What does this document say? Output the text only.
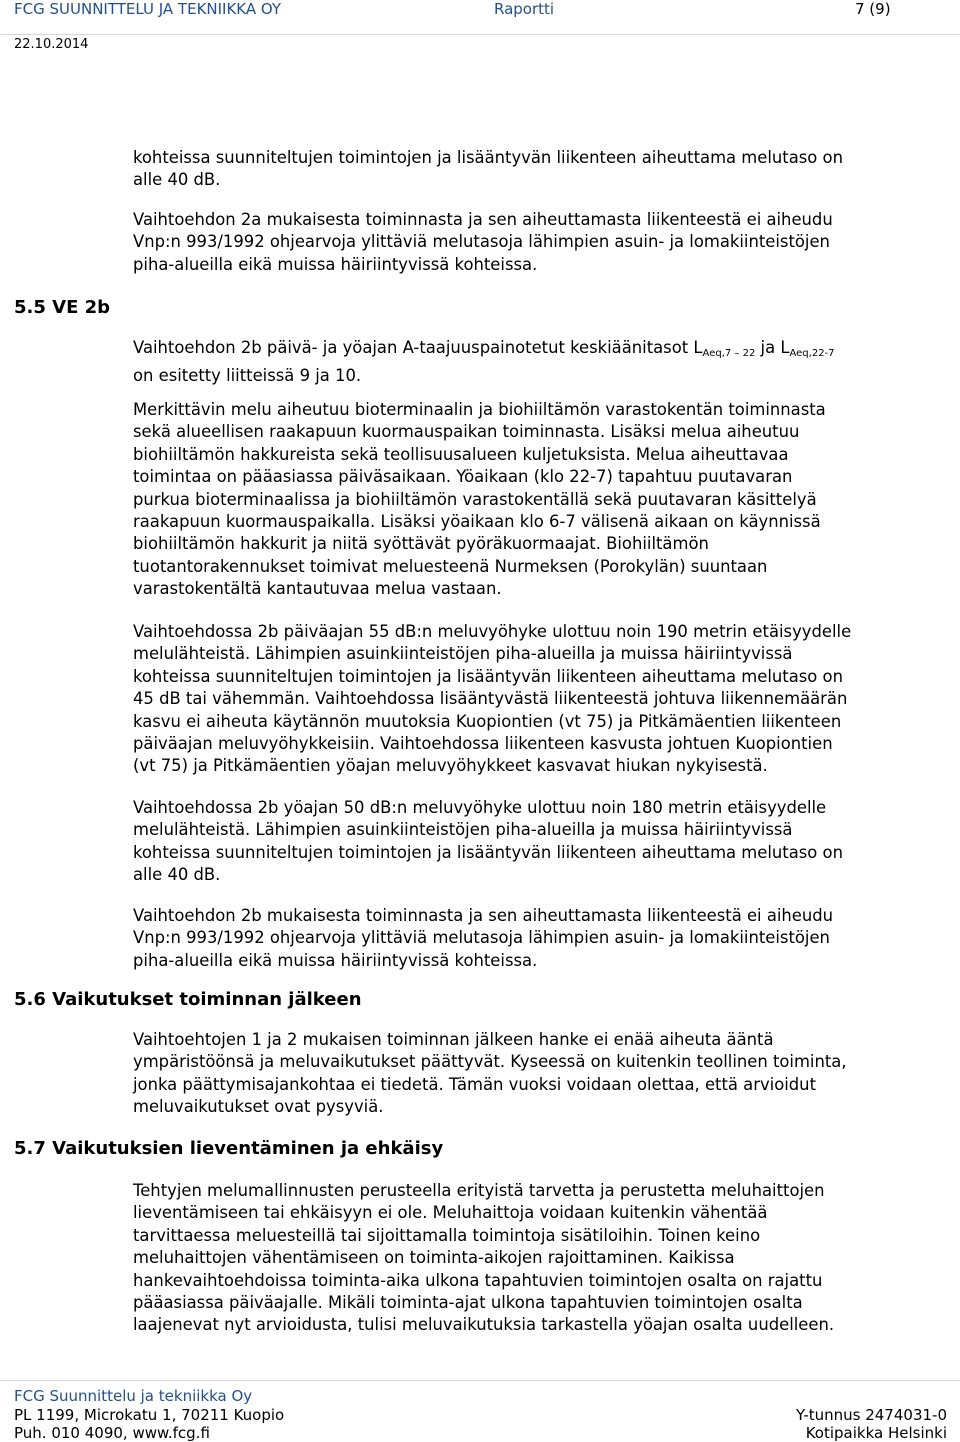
FCG SUUNNITTELU JA TEKNIIKKA OY	Raportti	7 (9)
22.10.2014

kohteissa suunniteltujen toimintojen ja lisääntyvän liikenteen aiheuttama melutaso on
alle 40 dB.

Vaihtoehdon 2a mukaisesta toiminnasta ja sen aiheuttamasta liikenteestä ei aiheudu
Vnp:n 993/1992 ohjearvoja ylittäviä melutasoja lähimpien asuin- ja lomakiinteistöjen
piha-alueilla eikä muissa häiriintyvissä kohteissa.

5.5 VE 2b

Vaihtoehdon 2b päivä- ja yöajan A-taajuuspainotetut keskiäänitasot $L_{Aeq,7 - 22}$ ja $L_{Aeq,22-7}$
on esitetty liitteissä 9 ja 10.

Merkittävin melu aiheutuu bioterminaalin ja biohiiltämön varastokentän toiminnasta
sekä alueellisen raakapuun kuormauspaikan toiminnasta. Lisäksi melua aiheutuu
biohiiltämön hakkureista sekä teollisuusalueen kuljetuksista. Melua aiheuttavaa
toimintaa on pääasiassa päiväsaikaan. Yöaikaan (klo 22-7) tapahtuu puutavaran
purkua bioterminaalissa ja biohiiltämön varastokentällä sekä puutavaran käsittelyä
raakapuun kuormauspaikalla. Lisäksi yöaikaan klo 6-7 välisenä aikaan on käynnissä
biohiiltämön hakkurit ja niitä syöttävät pyöräkuormaajat. Biohiiltämön
tuotantorakennukset toimivat meluesteenä Nurmeksen (Porokylän) suuntaan
varastokentältä kantautuvaa melua vastaan.

Vaihtoehdossa 2b päiväajan 55 dB:n meluvyöhyke ulottuu noin 190 metrin etäisyydelle
melulähteistä. Lähimpien asuinkiinteistöjen piha-alueilla ja muissa häiriintyvissä
kohteissa suunniteltujen toimintojen ja lisääntyvän liikenteen aiheuttama melutaso on
45 dB tai vähemmän. Vaihtoehdossa lisääntyvästä liikenteestä johtuva liikennemäärän
kasvu ei aiheuta käytännön muutoksia Kuopiontien (vt 75) ja Pitkämäentien liikenteen
päiväajan meluvyöhykkeisiin. Vaihtoehdossa liikenteen kasvusta johtuen Kuopiontien
(vt 75) ja Pitkämäentien yöajan meluvyöhykkeet kasvavat hiukan nykyisestä.

Vaihtoehdossa 2b yöajan 50 dB:n meluvyöhyke ulottuu noin 180 metrin etäisyydelle
melulähteistä. Lähimpien asuinkiinteistöjen piha-alueilla ja muissa häiriintyvissä
kohteissa suunniteltujen toimintojen ja lisääntyvän liikenteen aiheuttama melutaso on
alle 40 dB.

Vaihtoehdon 2b mukaisesta toiminnasta ja sen aiheuttamasta liikenteestä ei aiheudu
Vnp:n 993/1992 ohjearvoja ylittäviä melutasoja lähimpien asuin- ja lomakiinteistöjen
piha-alueilla eikä muissa häiriintyvissä kohteissa.

5.6 Vaikutukset toiminnan jälkeen

Vaihtoehtojen 1 ja 2 mukaisen toiminnan jälkeen hanke ei enää aiheuta ääntä
ympäristöönsä ja meluvaikutukset päättyvät. Kyseessä on kuitenkin teollinen toiminta,
jonka päättymisajankohtaa ei tiedetä. Tämän vuoksi voidaan olettaa, että arvioidut
meluvaikutukset ovat pysyviä.

5.7 Vaikutuksien lieventäminen ja ehkäisy

Tehtyjen melumallinnusten perusteella erityistä tarvetta ja perustetta meluhaittojen
lieventämiseen tai ehkäisyyn ei ole. Meluhaittoja voidaan kuitenkin vähentää
tarvittaessa meluesteillä tai sijoittamalla toimintoja sisätiloihin. Toinen keino
meluhaittojen vähentämiseen on toiminta-aikojen rajoittaminen. Kaikissa
hankevaihtoehdoissa toiminta-aika ulkona tapahtuvien toimintojen osalta on rajattu
pääasiassa päiväajalle. Mikäli toiminta-ajat ulkona tapahtuvien toimintojen osalta
laajenevat nyt arvioidusta, tulisi meluvaikutuksia tarkastella yöajan osalta uudelleen.

FCG Suunnittelu ja tekniikka Oy
PL 1199, Microkatu 1, 70211 Kuopio
Puh. 010 4090, www.fcg.fi
Y-tunnus 2474031-0
Kotipaikka Helsinki
